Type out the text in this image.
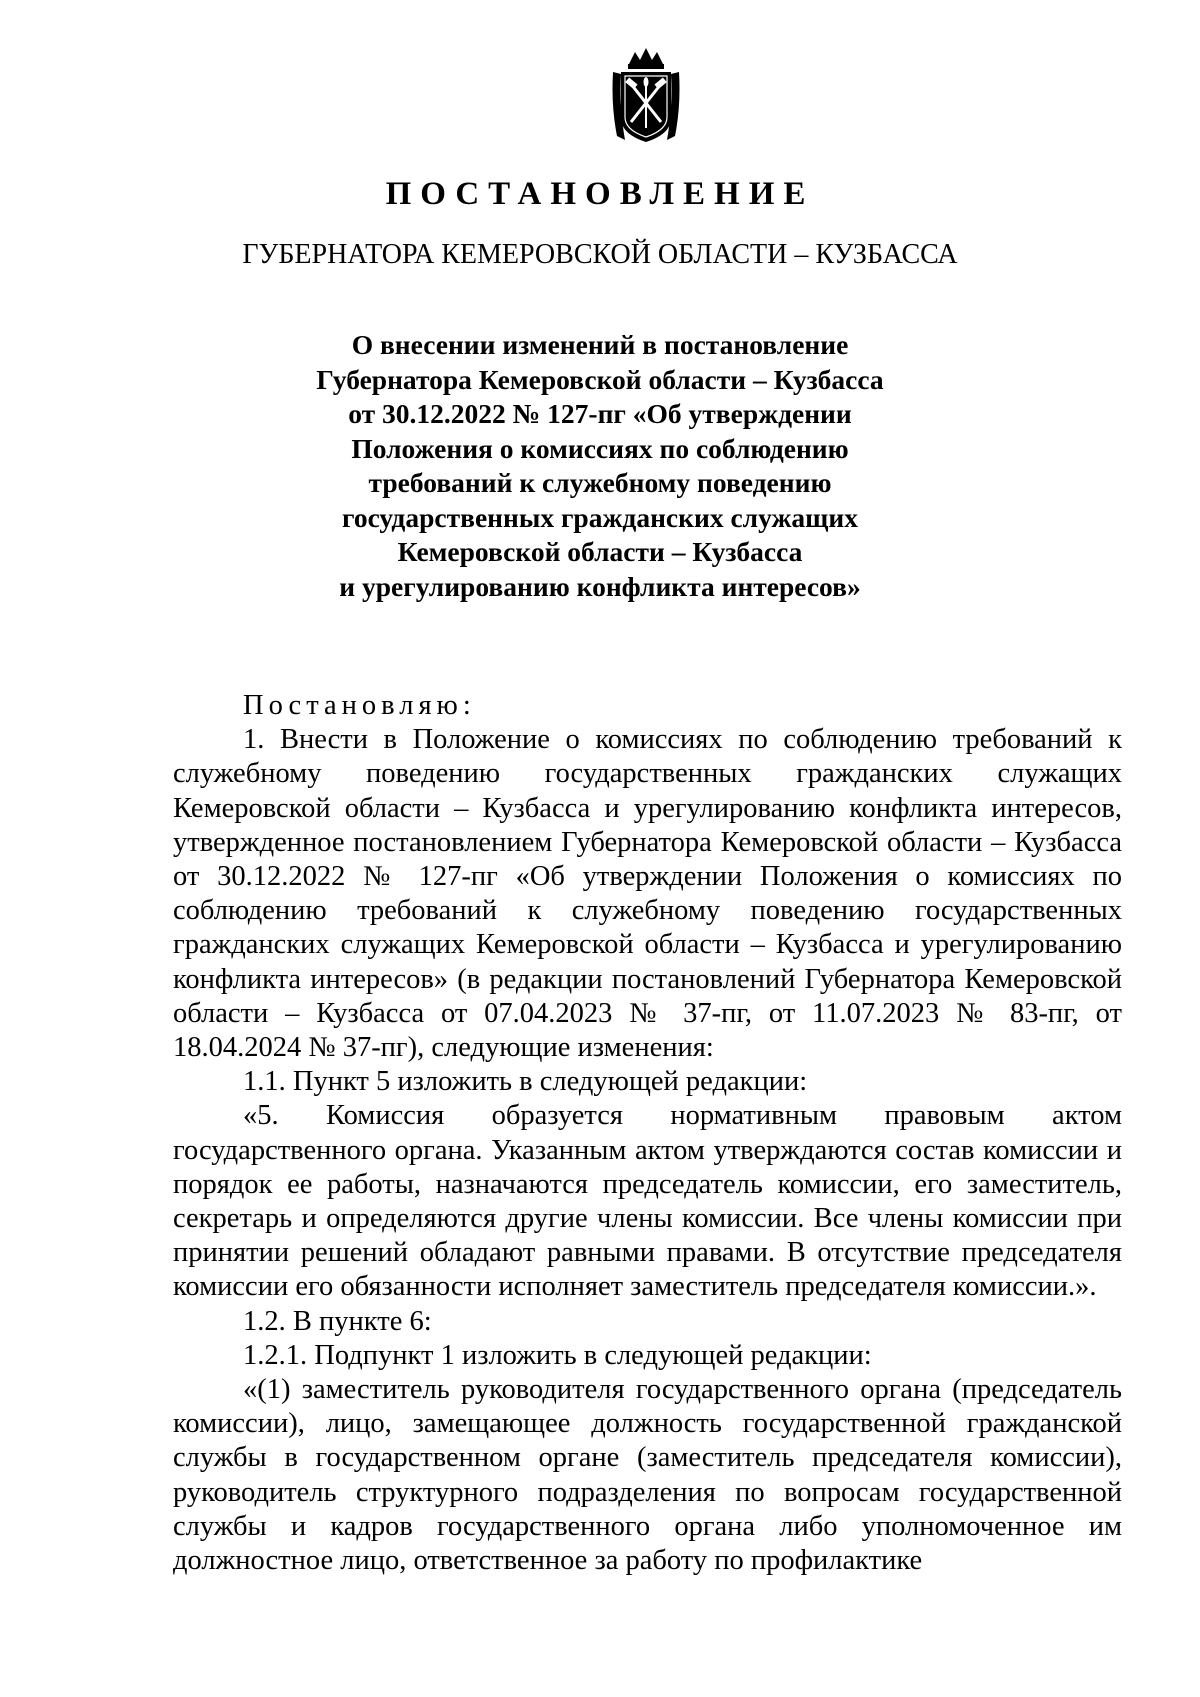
ПОСТАНОВЛЕНИЕ
ГУБЕРНАТОРА КЕМЕРОВСКОЙ ОБЛАСТИ – КУЗБАССА
О внесении изменений в постановление
Губернатора Кемеровской области – Кузбасса
от 30.12.2022 № 127-пг «Об утверждении
Положения о комиссиях по соблюдению
требований к служебному поведению
государственных гражданских служащих
Кемеровской области – Кузбасса
и урегулированию конфликта интересов»

Постановляю:

1. Внести в Положение о комиссиях по соблюдению требований к служебному поведению государственных гражданских служащих Кемеровской области – Кузбасса и урегулированию конфликта интересов, утвержденное постановлением Губернатора Кемеровской области – Кузбасса от 30.12.2022 № 127-пг «Об утверждении Положения о комиссиях по соблюдению требований к служебному поведению государственных гражданских служащих Кемеровской области – Кузбасса и урегулированию конфликта интересов» (в редакции постановлений Губернатора Кемеровской области – Кузбасса от 07.04.2023 № 37-пг, от 11.07.2023 № 83-пг, от 18.04.2024 № 37-пг), следующие изменения:

1.1. Пункт 5 изложить в следующей редакции:

«5. Комиссия образуется нормативным правовым актом государственного органа. Указанным актом утверждаются состав комиссии и порядок ее работы, назначаются председатель комиссии, его заместитель, секретарь и определяются другие члены комиссии. Все члены комиссии при принятии решений обладают равными правами. В отсутствие председателя комиссии его обязанности исполняет заместитель председателя комиссии.».

1.2. В пункте 6:

1.2.1. Подпункт 1 изложить в следующей редакции:

«(1) заместитель руководителя государственного органа (председатель комиссии), лицо, замещающее должность государственной гражданской службы в государственном органе (заместитель председателя комиссии), руководитель структурного подразделения по вопросам государственной службы и кадров государственного органа либо уполномоченное им должностное лицо, ответственное за работу по профилактике
